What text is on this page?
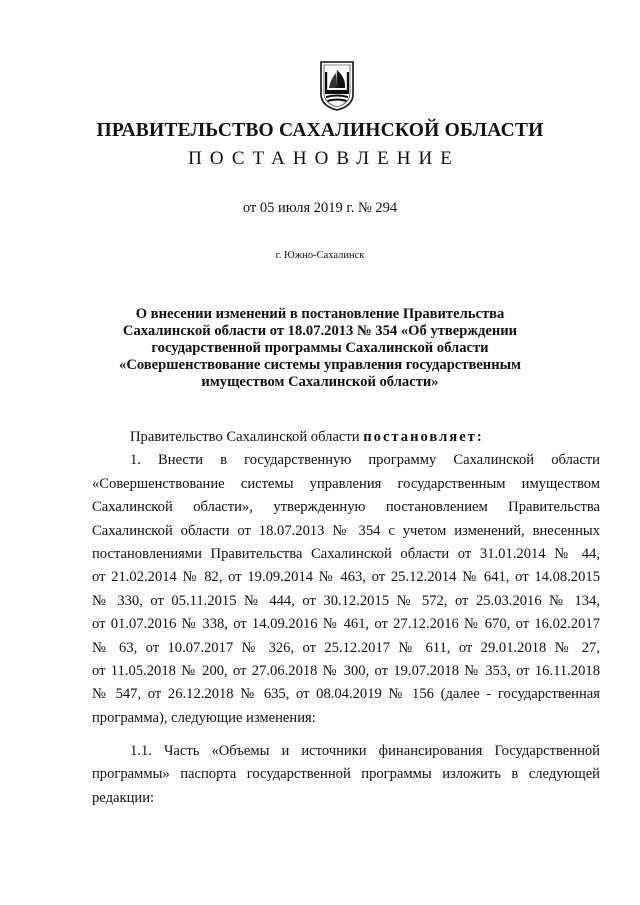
ПРАВИТЕЛЬСТВО САХАЛИНСКОЙ ОБЛАСТИ
ПОСТАНОВЛЕНИЕ
от 05 июля 2019 г. № 294
г. Южно-Сахалинск
О внесении изменений в постановление Правительства
Сахалинской области от 18.07.2013 № 354 «Об утверждении
государственной программы Сахалинской области
«Совершенствование системы управления государственным
имуществом Сахалинской области»
Правительство Сахалинской области постановляет:
1. Внести в государственную программу Сахалинской области
«Совершенствование системы управления государственным имуществом
Сахалинской области», утвержденную постановлением Правительства
Сахалинской области от 18.07.2013 № 354 с учетом изменений, внесенных
постановлениями Правительства Сахалинской области от 31.01.2014 № 44,
от 21.02.2014 № 82, от 19.09.2014 № 463, от 25.12.2014 № 641, от 14.08.2015
№ 330, от 05.11.2015 № 444, от 30.12.2015 № 572, от 25.03.2016 № 134,
от 01.07.2016 № 338, от 14.09.2016 № 461, от 27.12.2016 № 670, от 16.02.2017
№ 63, от 10.07.2017 № 326, от 25.12.2017 № 611, от 29.01.2018 № 27,
от 11.05.2018 № 200, от 27.06.2018 № 300, от 19.07.2018 № 353, от 16.11.2018
№ 547, от 26.12.2018 № 635, от 08.04.2019 № 156 (далее - государственная
программа), следующие изменения:
1.1. Часть «Объемы и источники финансирования Государственной
программы» паспорта государственной программы изложить в следующей
редакции:
